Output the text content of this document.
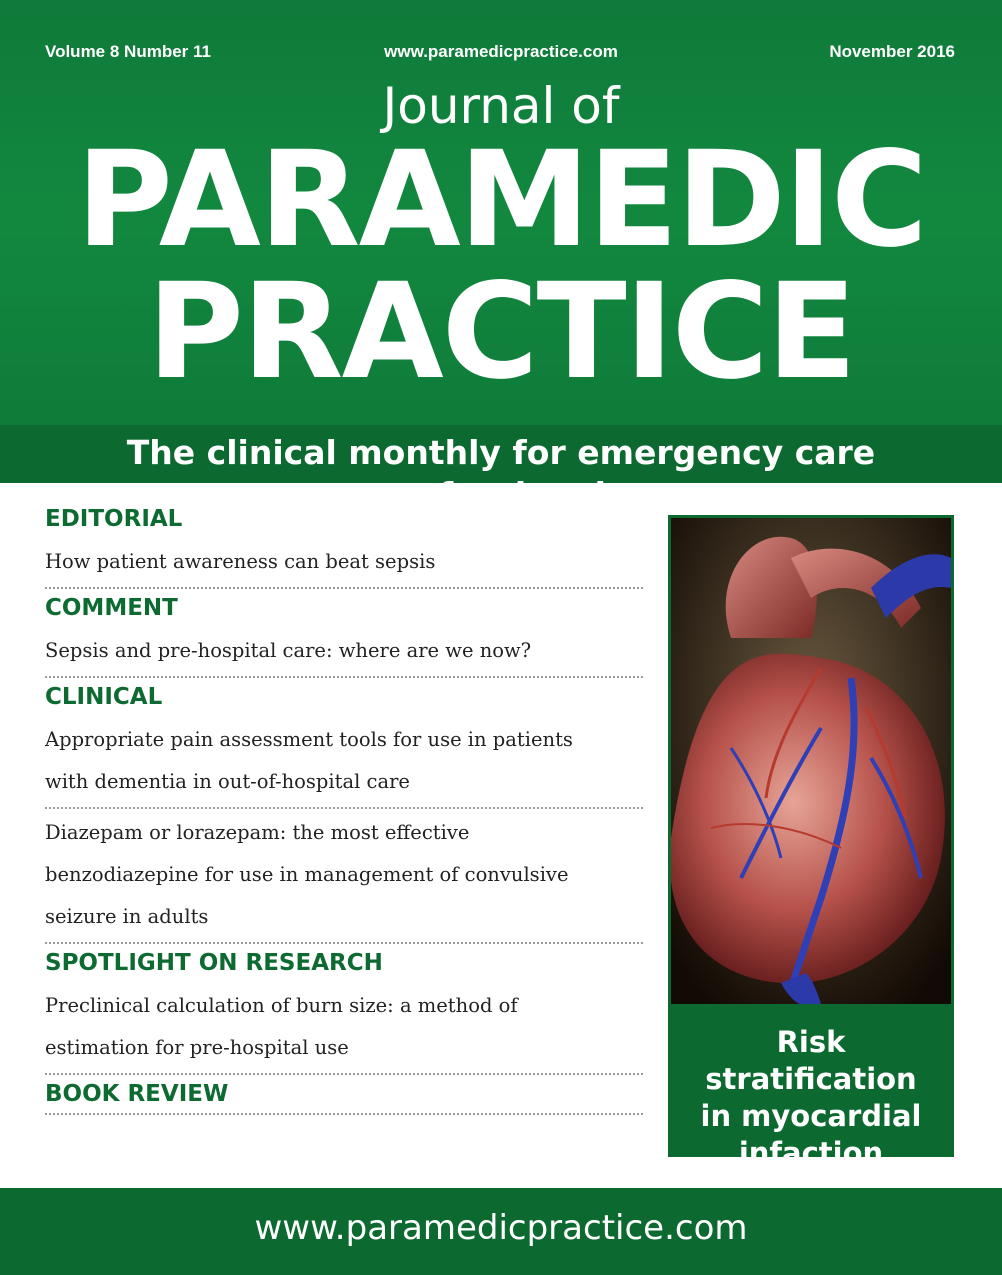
Volume 8 Number 11	www.paramedicpractice.com	November 2016
Journal of
PARAMEDIC
PRACTICE
The clinical monthly for emergency care professionals
EDITORIAL
How patient awareness can beat sepsis
COMMENT
Sepsis and pre-hospital care: where are we now?
CLINICAL
Appropriate pain assessment tools for use in patients
with dementia in out-of-hospital care
Diazepam or lorazepam: the most effective
benzodiazepine for use in management of convulsive
seizure in adults
SPOTLIGHT ON RESEARCH
Preclinical calculation of burn size: a method of
estimation for pre-hospital use
BOOK REVIEW
Risk stratification
in myocardial
infaction
www.paramedicpractice.com
